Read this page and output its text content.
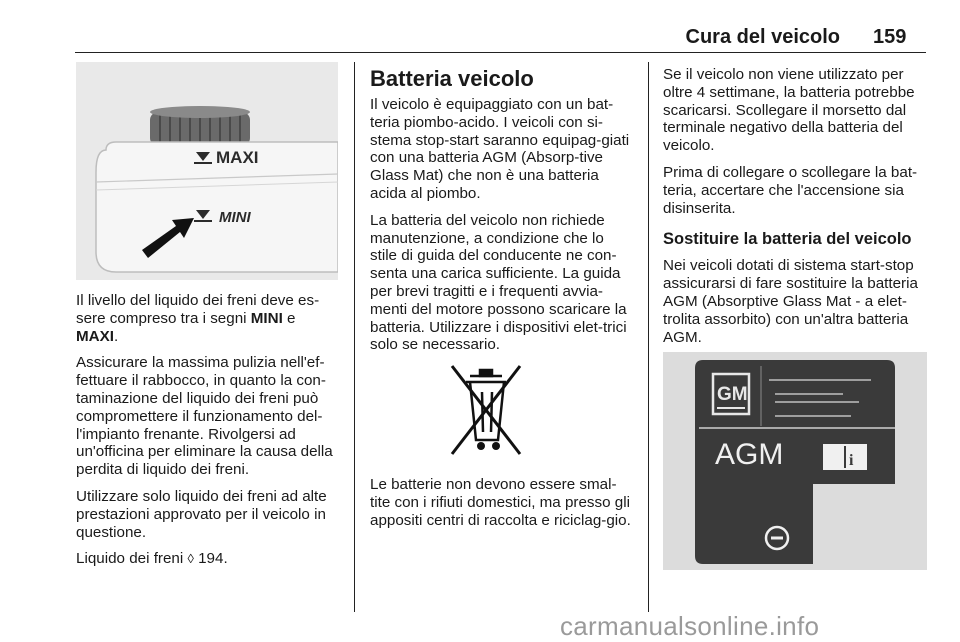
Cura del veicolo 159
MAXI
MINI

Il livello del liquido dei freni deve es-sere compreso tra i segni MINI e MAXI.

Assicurare la massima pulizia nell'ef-fettuare il rabbocco, in quanto la con-taminazione del liquido dei freni può compromettere il funzionamento del-l'impianto frenante. Rivolgersi ad un'officina per eliminare la causa della perdita di liquido dei freni.

Utilizzare solo liquido dei freni ad alte prestazioni approvato per il veicolo in questione.

Liquido dei freni ◊ 194.

Batteria veicolo

Il veicolo è equipaggiato con un bat-teria piombo-acido. I veicoli con si-stema stop-start saranno equipag-giati con una batteria AGM (Absorp-tive Glass Mat) che non è una batteria acida al piombo.

La batteria del veicolo non richiede manutenzione, a condizione che lo stile di guida del conducente ne con-senta una carica sufficiente. La guida per brevi tragitti e i frequenti avvia-menti del motore possono scaricare la batteria. Utilizzare i dispositivi elet-trici solo se necessario.

Le batterie non devono essere smal-tite con i rifiuti domestici, ma presso gli appositi centri di raccolta e riciclag-gio.

Se il veicolo non viene utilizzato per oltre 4 settimane, la batteria potrebbe scaricarsi. Scollegare il morsetto dal terminale negativo della batteria del veicolo.

Prima di collegare o scollegare la bat-teria, accertare che l'accensione sia disinserita.

Sostituire la batteria del veicolo

Nei veicoli dotati di sistema start-stop assicurarsi di fare sostituire la batteria AGM (Absorptive Glass Mat - a elet-trolita assorbito) con un'altra batteria AGM.

GM
AGM	i
carmanualsonline.info
